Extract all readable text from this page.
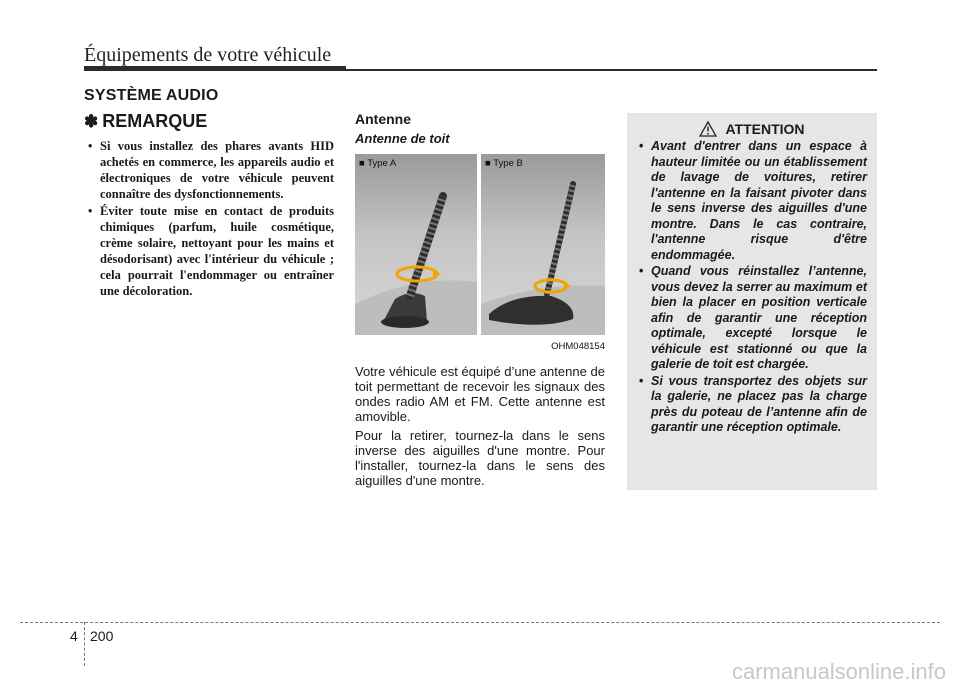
Équipements de votre véhicule
SYSTÈME AUDIO
✽ REMARQUE
• Si vous installez des phares avants HID achetés en commerce, les appareils audio et électroniques de votre véhicule peuvent connaître des dysfonctionnements.
• Éviter toute mise en contact de produits chimiques (parfum, huile cosmétique, crème solaire, nettoyant pour les mains et désodorisant) avec l'intérieur du véhicule ; cela pourrait l'endommager ou entraîner une décoloration.
Antenne
Antenne de toit
■ Type A	■ Type B
OHM048154

Votre véhicule est équipé d’une antenne de toit permettant de recevoir les signaux des ondes radio AM et FM. Cette antenne est amovible.

Pour la retirer, tournez-la dans le sens inverse des aiguilles d'une montre. Pour l'installer, tournez-la dans le sens des aiguilles d'une montre.

ATTENTION
• Avant d'entrer dans un espace à hauteur limitée ou un établissement de lavage de voitures, retirer l'antenne en la faisant pivoter dans le sens inverse des aiguilles d'une montre. Dans le cas contraire, l'antenne risque d'être endommagée.
• Quand vous réinstallez l’antenne, vous devez la serrer au maximum et bien la placer en position verticale afin de garantir une réception optimale, excepté lorsque le véhicule est stationné ou que la galerie de toit est chargée.
• Si vous transportez des objets sur la galerie, ne placez pas la charge près du poteau de l’antenne afin de garantir une réception optimale.
4 200
carmanualsonline.info
